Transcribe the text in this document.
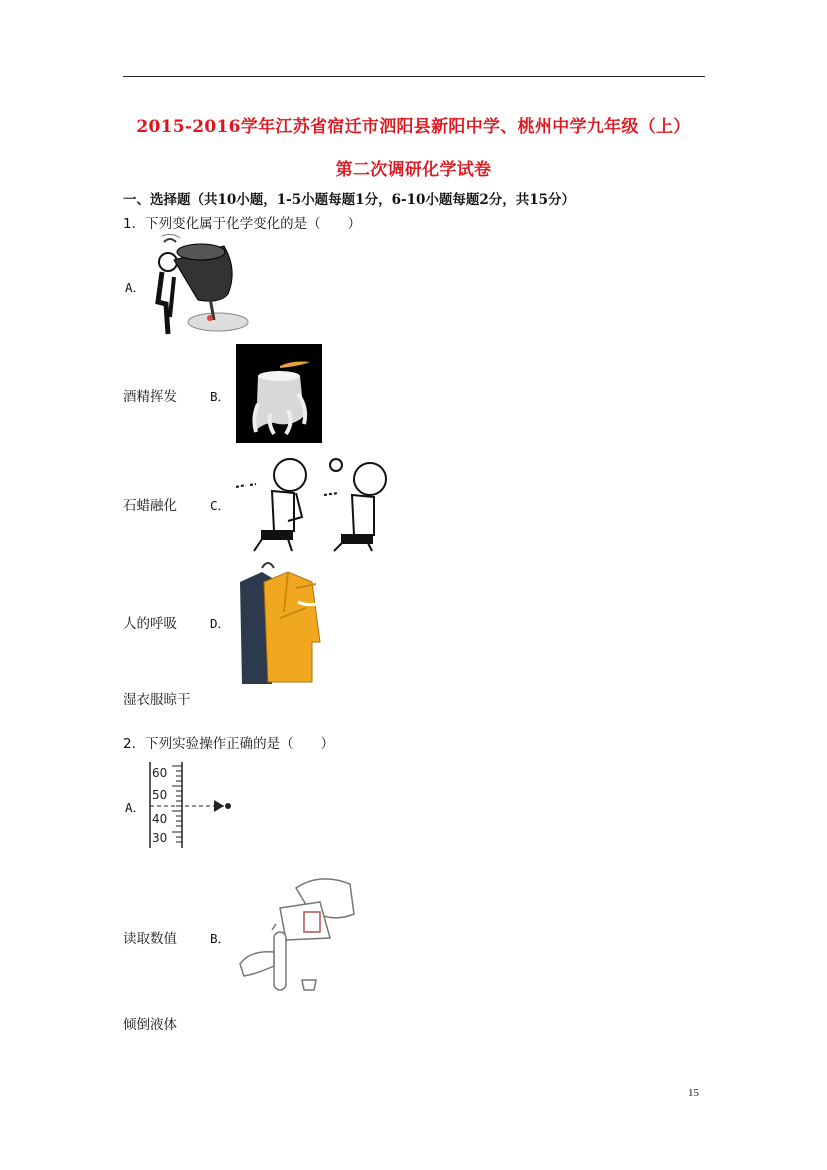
2015-2016学年江苏省宿迁市泗阳县新阳中学、桃州中学九年级（上）
第二次调研化学试卷
一、选择题（共10小题，1-5小题每题1分，6-10小题每题2分，共15分）
1．下列变化属于化学变化的是（　　）
A．
酒精挥发	B．
石蜡融化	C．
人的呼吸	D．
湿衣服晾干
2．下列实验操作正确的是（　　）
A．
60
50
40
30
读取数值	B．
倾倒液体
15
